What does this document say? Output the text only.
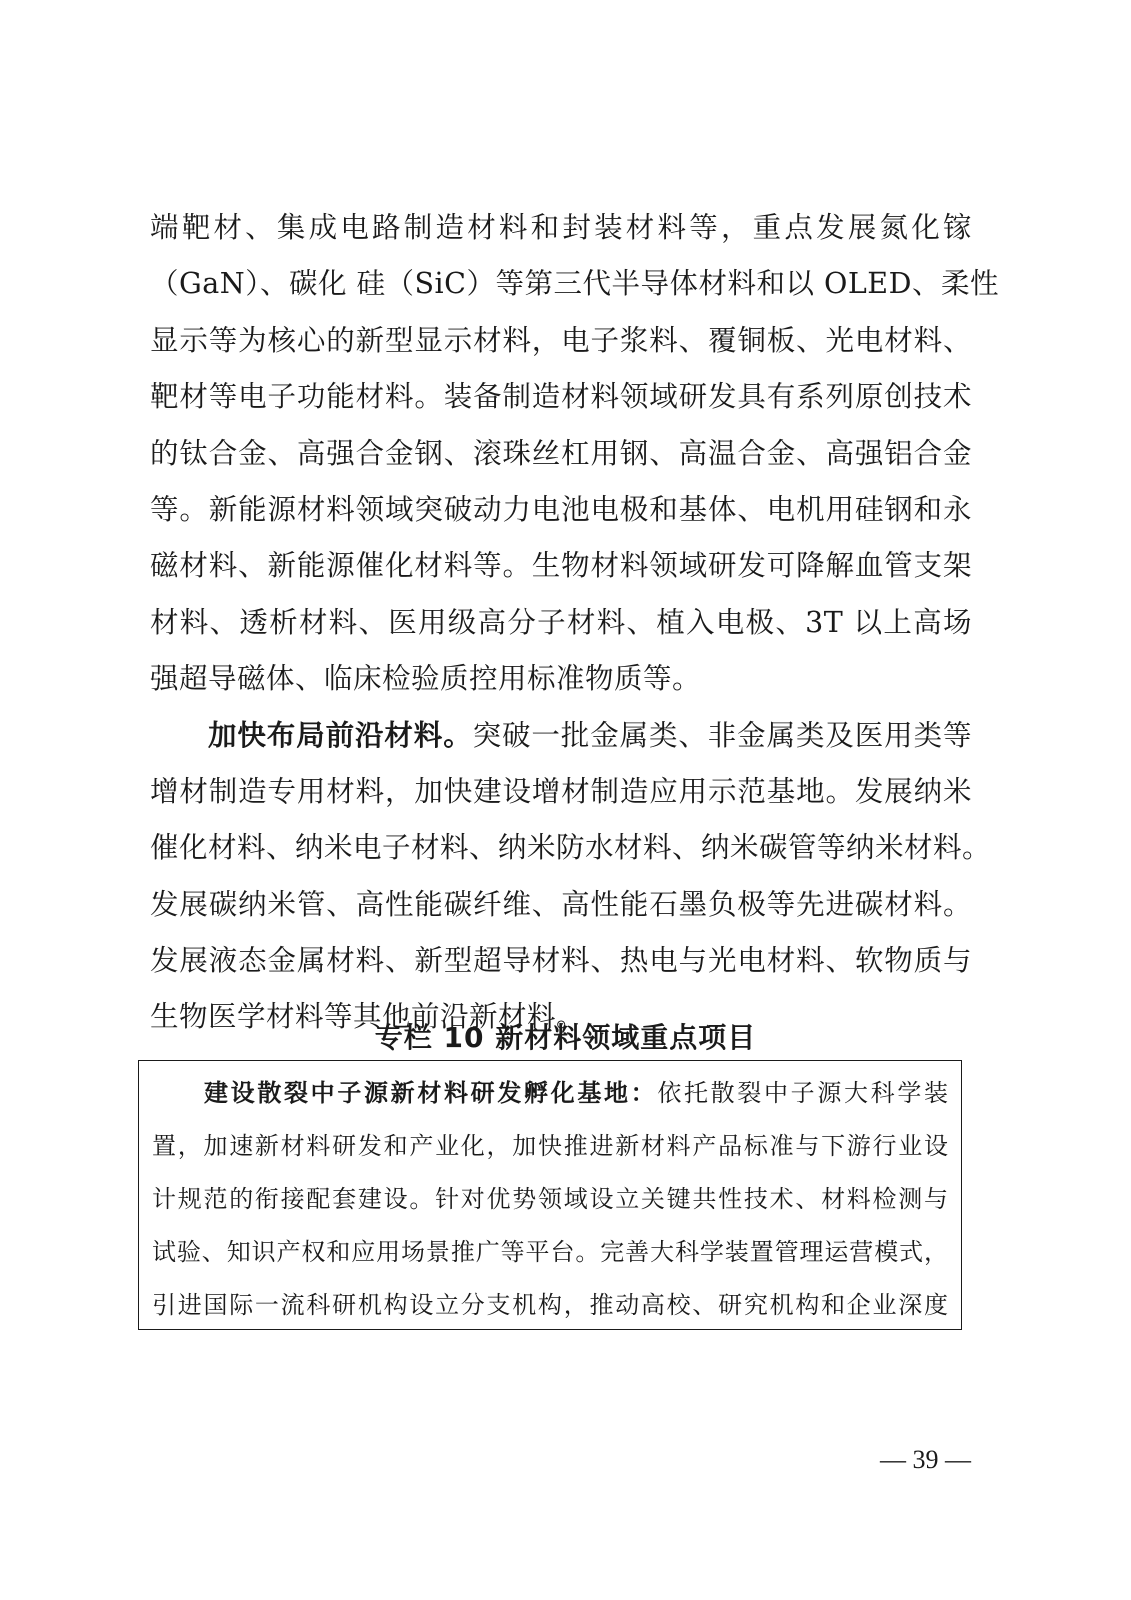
端靶材、集成电路制造材料和封装材料等，重点发展氮化镓
（GaN）、碳化 硅（SiC）等第三代半导体材料和以 OLED、柔性
显示等为核心的新型显示材料，电子浆料、覆铜板、光电材料、
靶材等电子功能材料。装备制造材料领域研发具有系列原创技术
的钛合金、高强合金钢、滚珠丝杠用钢、高温合金、高强铝合金
等。新能源材料领域突破动力电池电极和基体、电机用硅钢和永
磁材料、新能源催化材料等。生物材料领域研发可降解血管支架
材料、透析材料、医用级高分子材料、植入电极、3T 以上高场
强超导磁体、临床检验质控用标准物质等。
加快布局前沿材料。突破一批金属类、非金属类及医用类等
增材制造专用材料，加快建设增材制造应用示范基地。发展纳米
催化材料、纳米电子材料、纳米防水材料、纳米碳管等纳米材料。
发展碳纳米管、高性能碳纤维、高性能石墨负极等先进碳材料。
发展液态金属材料、新型超导材料、热电与光电材料、软物质与
生物医学材料等其他前沿新材料。
专栏 10 新材料领域重点项目
建设散裂中子源新材料研发孵化基地：依托散裂中子源大科学装
置，加速新材料研发和产业化，加快推进新材料产品标准与下游行业设
计规范的衔接配套建设。针对优势领域设立关键共性技术、材料检测与
试验、知识产权和应用场景推广等平台。完善大科学装置管理运营模式，
引进国际一流科研机构设立分支机构，推动高校、研究机构和企业深度
— 39 —
